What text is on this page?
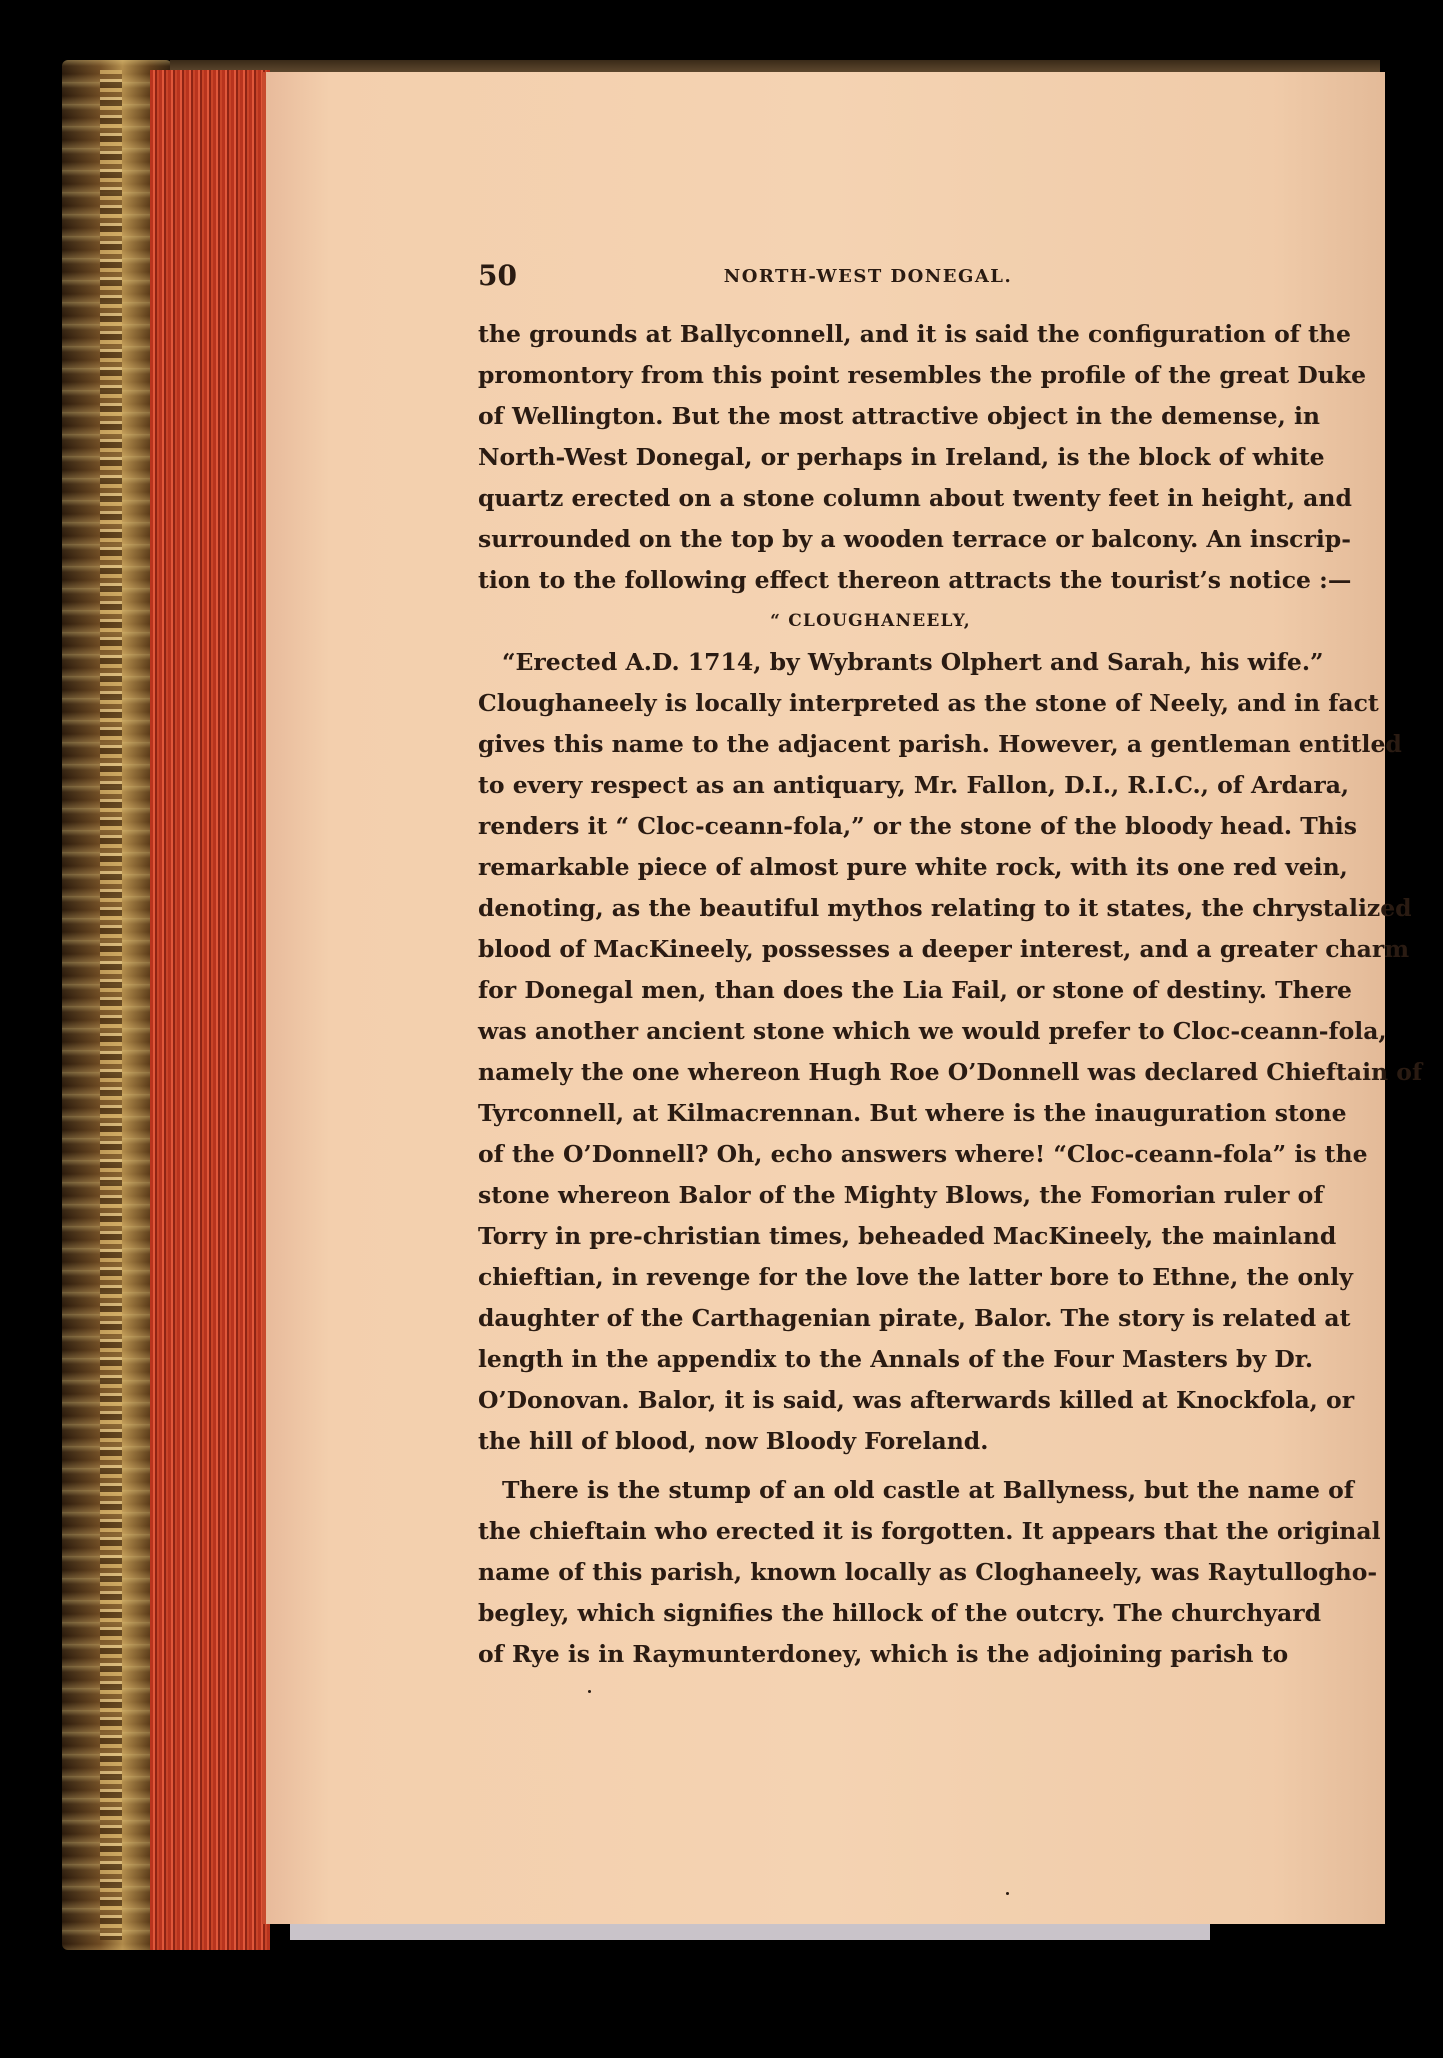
50	NORTH-WEST DONEGAL.
the grounds at Ballyconnell, and it is said the configuration of the
promontory from this point resembles the profile of the great Duke
of Wellington. But the most attractive object in the demense, in
North-West Donegal, or perhaps in Ireland, is the block of white
quartz erected on a stone column about twenty feet in height, and
surrounded on the top by a wooden terrace or balcony. An inscrip-
tion to the following effect thereon attracts the tourist’s notice :—
“ CLOUGHANEELY,
“Erected A.D. 1714, by Wybrants Olphert and Sarah, his wife.”
Cloughaneely is locally interpreted as the stone of Neely, and in fact
gives this name to the adjacent parish. However, a gentleman entitled
to every respect as an antiquary, Mr. Fallon, D.I., R.I.C., of Ardara,
renders it “ Cloc-ceann-fola,” or the stone of the bloody head. This
remarkable piece of almost pure white rock, with its one red vein,
denoting, as the beautiful mythos relating to it states, the chrystalized
blood of MacKineely, possesses a deeper interest, and a greater charm
for Donegal men, than does the Lia Fail, or stone of destiny. There
was another ancient stone which we would prefer to Cloc-ceann-fola,
namely the one whereon Hugh Roe O’Donnell was declared Chieftain of
Tyrconnell, at Kilmacrennan. But where is the inauguration stone
of the O’Donnell? Oh, echo answers where! “Cloc-ceann-fola” is the
stone whereon Balor of the Mighty Blows, the Fomorian ruler of
Torry in pre-christian times, beheaded MacKineely, the mainland
chieftian, in revenge for the love the latter bore to Ethne, the only
daughter of the Carthagenian pirate, Balor. The story is related at
length in the appendix to the Annals of the Four Masters by Dr.
O’Donovan. Balor, it is said, was afterwards killed at Knockfola, or
the hill of blood, now Bloody Foreland.
There is the stump of an old castle at Ballyness, but the name of
the chieftain who erected it is forgotten. It appears that the original
name of this parish, known locally as Cloghaneely, was Raytullogho-
begley, which signifies the hillock of the outcry. The churchyard
of Rye is in Raymunterdoney, which is the adjoining parish to
